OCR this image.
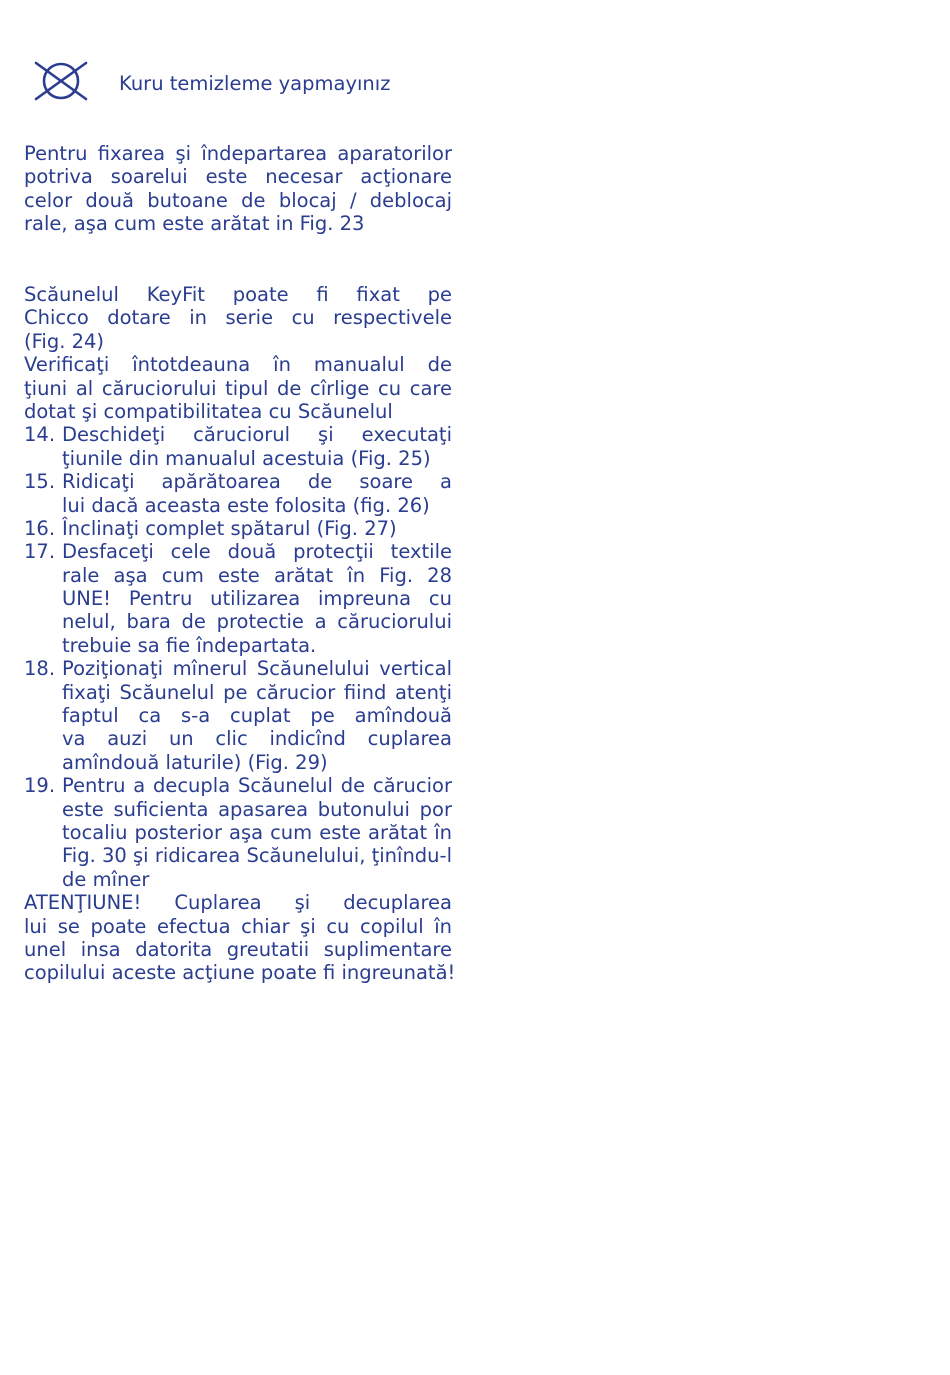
Kuru temizleme yapmayınız
Pentru fixarea şi îndepartarea aparatorilor
potriva soarelui este necesar acţionare
celor două butoane de blocaj / deblocaj
rale, aşa cum este arătat in Fig. 23
Scăunelul KeyFit poate fi fixat pe
Chicco dotare in serie cu respectivele
(Fig. 24)
Verificaţi întotdeauna în manualul de
ţiuni al căruciorului tipul de cîrlige cu care
dotat şi compatibilitatea cu Scăunelul
14. Deschideţi căruciorul şi executaţi
ţiunile din manualul acestuia (Fig. 25)
15. Ridicaţi apărătoarea de soare a
lui dacă aceasta este folosita (fig. 26)
16. Înclinaţi complet spătarul (Fig. 27)
17. Desfaceţi cele două protecţii textile
rale aşa cum este arătat în Fig. 28
UNE! Pentru utilizarea impreuna cu
nelul, bara de protectie a căruciorului
trebuie sa fie îndepartata.
18. Poziţionaţi mînerul Scăunelului vertical
fixaţi Scăunelul pe cărucior fiind atenţi
faptul ca s-a cuplat pe amîndouă
va auzi un clic indicînd cuplarea
amîndouă laturile) (Fig. 29)
19. Pentru a decupla Scăunelul de cărucior
este suficienta apasarea butonului por
tocaliu posterior aşa cum este arătat în
Fig. 30 şi ridicarea Scăunelului, ţinîndu-l
de mîner
ATENŢIUNE! Cuplarea şi decuplarea
lui se poate efectua chiar şi cu copilul în
unel insa datorita greutatii suplimentare
copilului aceste acţiune poate fi ingreunată!
